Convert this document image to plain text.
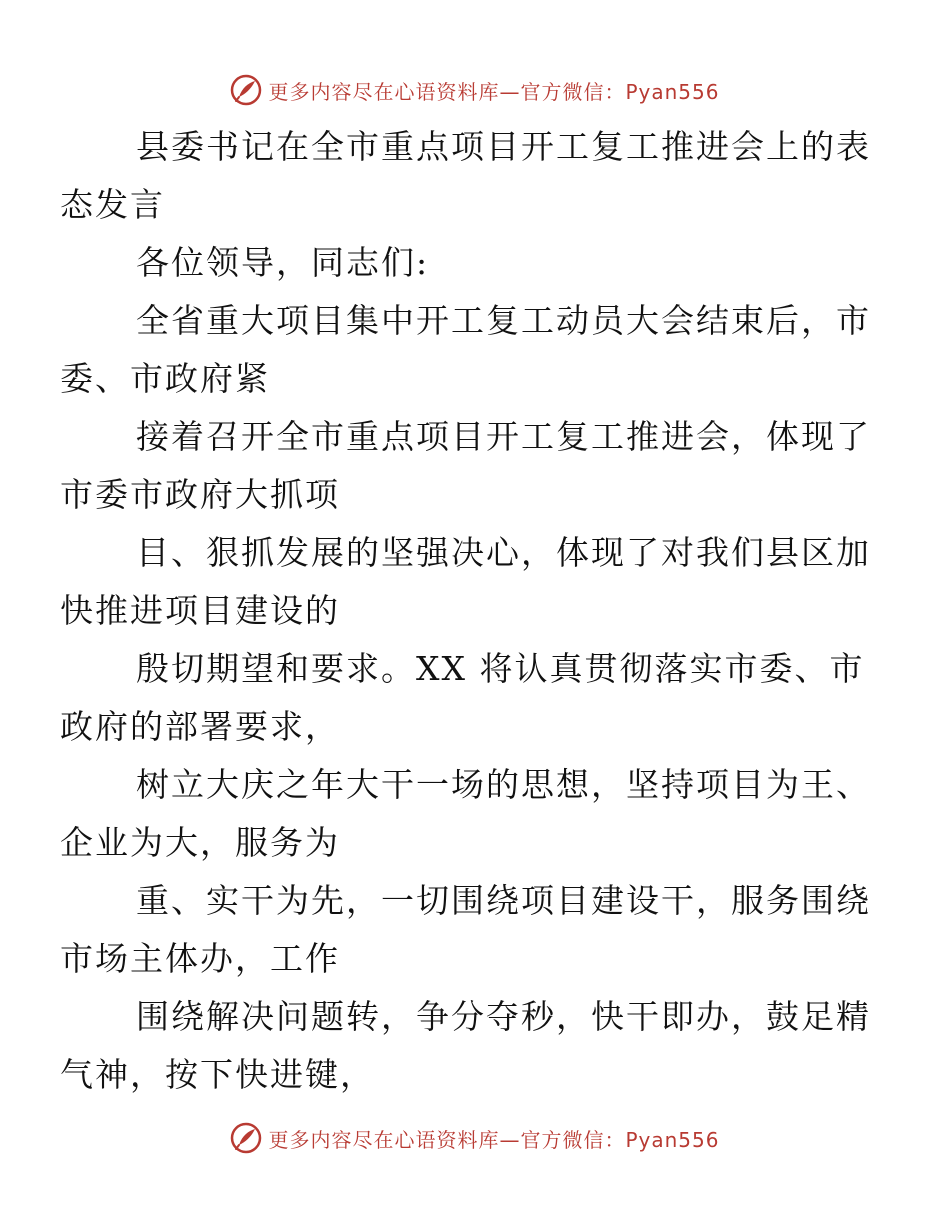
更多内容尽在心语资料库—官方微信：Pyan556

县委书记在全市重点项目开工复工推进会上的表
态发言
各位领导，同志们:
全省重大项目集中开工复工动员大会结束后，市
委、市政府紧
接着召开全市重点项目开工复工推进会，体现了
市委市政府大抓项
目、狠抓发展的坚强决心，体现了对我们县区加
快推进项目建设的
殷切期望和要求。XX 将认真贯彻落实市委、市
政府的部署要求，
树立大庆之年大干一场的思想，坚持项目为王、
企业为大，服务为
重、实干为先，一切围绕项目建设干，服务围绕
市场主体办，工作
围绕解决问题转，争分夺秒，快干即办，鼓足精
气神，按下快进键，

更多内容尽在心语资料库—官方微信：Pyan556
